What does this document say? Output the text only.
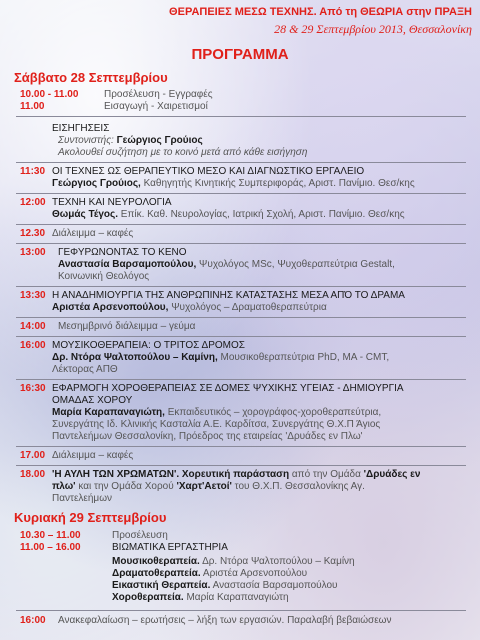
ΘΕΡΑΠΕΙΕΣ ΜΕΣΩ ΤΕΧΝΗΣ. Από τη ΘΕΩΡΙΑ στην ΠΡΑΞΗ
28 & 29 Σεπτεμβρίου 2013, Θεσσαλονίκη
ΠΡΟΓΡΑΜΜΑ
Σάββατο 28 Σεπτεμβρίου
10.00 - 11.00	Προσέλευση - Εγγραφές
11.00	Εισαγωγή - Χαιρετισμοί
ΕΙΣΗΓΗΣΕΙΣ
Συντονιστής: Γεώργιος Γρούιος
Ακολουθεί συζήτηση με το κοινό μετά από κάθε εισήγηση
11:30 ΟΙ ΤΕΧΝΕΣ ΩΣ ΘΕΡΑΠΕΥΤΙΚΟ ΜΕΣΟ ΚΑΙ ΔΙΑΓΝΩΣΤΙΚΟ ΕΡΓΑΛΕΙΟ
Γεώργιος Γρούιος, Καθηγητής Κινητικής Συμπεριφοράς, Αριστ. Πανίμιο. Θεσ/κης
12:00 ΤΕΧΝΗ ΚΑΙ ΝΕΥΡΟΛΟΓΙΑ
Θωμάς Τέγος. Επίκ. Καθ. Νευρολογίας, Ιατρική Σχολή, Αριστ. Πανίμιο. Θεσ/κης
12.30 Διάλειμμα – καφές
13:00 ΓΕΦΥΡΩΝΟΝΤΑΣ ΤΟ ΚΕΝΟ
Αναστασία Βαρσαμοπούλου, Ψυχολόγος MSc, Ψυχοθεραπεύτρια Gestalt,
Κοινωνική Θεολόγος
13:30 Η ΑΝΑΔΗΜΙΟΥΡΓΙΑ ΤΗΣ ΑΝΘΡΩΠΙΝΗΣ ΚΑΤΑΣΤΑΣΗΣ ΜΕΣΑ ΑΠΌ ΤΟ ΔΡΑΜΑ
Αριστέα Αρσενοπούλου, Ψυχολόγος – Δραματοθεραπεύτρια
14:00 Μεσημβρινό διάλειμμα – γεύμα
16:00 ΜΟΥΣΙΚΟΘΕΡΑΠΕΙΑ: Ο ΤΡΙΤΟΣ ΔΡΟΜΟΣ
Δρ. Ντόρα Ψαλτοπούλου – Καμίνη, Μουσικοθεραπεύτρια PhD, MA - CMT,
Λέκτορας ΑΠΘ
16:30 ΕΦΑΡΜΟΓΗ ΧΟΡΟΘΕΡΑΠΕΙΑΣ ΣΕ ΔΟΜΕΣ ΨΥΧΙΚΗΣ ΥΓΕΙΑΣ - ΔΗΜΙΟΥΡΓΙΑ
ΟΜΑΔΑΣ ΧΟΡΟΥ
Μαρία Καραπαναγιώτη, Εκπαιδευτικός – χορογράφος-χοροθεραπεύτρια,
Συνεργάτης Ιδ. Κλινικής Κασταλία Α.Ε. Καρδίτσα, Συνεργάτης Θ.Χ.Π Άγιος
Παντελεήμων Θεσσαλονίκη, Πρόεδρος της εταιρείας 'Δρυάδες εν Πλω'
17.00 Διάλειμμα – καφές
18.00 'Η ΑΥΛΗ ΤΩΝ ΧΡΩΜΑΤΩΝ'. Χορευτική παράσταση από την Ομάδα 'Δρυάδες εν
πλω' και την Ομάδα Χορού 'Χαρτ'Αετοί' του Θ.Χ.Π. Θεσσαλονίκης Αγ.
Παντελεήμων
Κυριακή 29 Σεπτεμβρίου
10.30 – 11.00	Προσέλευση
11.00 – 16.00	ΒΙΩΜΑΤΙΚΑ ΕΡΓΑΣΤΗΡΙΑ
Μουσικοθεραπεία. Δρ. Ντόρα Ψαλτοπούλου – Καμίνη
Δραματοθεραπεία. Αριστέα Αρσενοπούλου
Εικαστική Θεραπεία. Αναστασία Βαρσαμοπούλου
Χοροθεραπεία. Μαρία Καραπαναγιώτη
16:00 Ανακεφαλαίωση – ερωτήσεις – λήξη των εργασιών. Παραλαβή βεβαιώσεων
